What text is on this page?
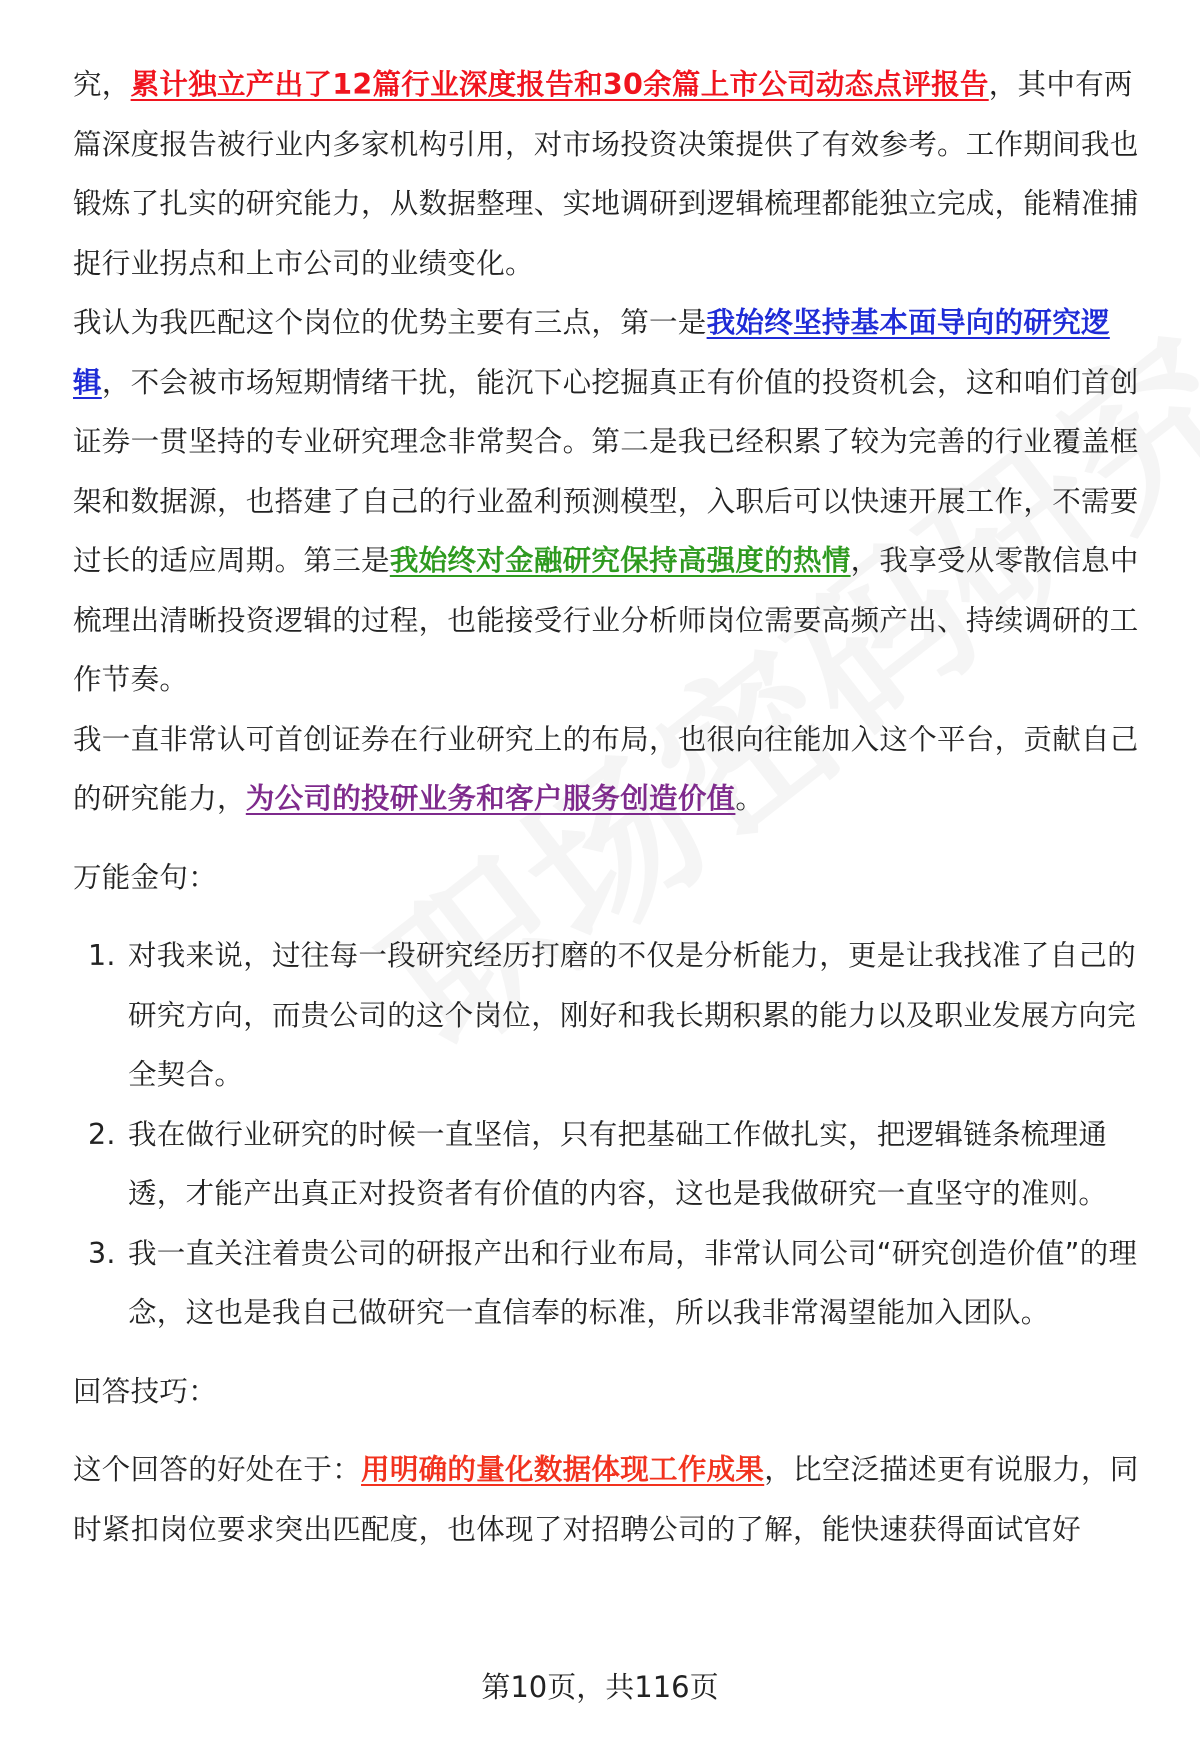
究，累计独立产出了12篇行业深度报告和30余篇上市公司动态点评报告，其中有两篇深度报告被行业内多家机构引用，对市场投资决策提供了有效参考。工作期间我也锻炼了扎实的研究能力，从数据整理、实地调研到逻辑梳理都能独立完成，能精准捕捉行业拐点和上市公司的业绩变化。

我认为我匹配这个岗位的优势主要有三点，第一是我始终坚持基本面导向的研究逻辑，不会被市场短期情绪干扰，能沉下心挖掘真正有价值的投资机会，这和咱们首创证券一贯坚持的专业研究理念非常契合。第二是我已经积累了较为完善的行业覆盖框架和数据源，也搭建了自己的行业盈利预测模型，入职后可以快速开展工作，不需要过长的适应周期。第三是我始终对金融研究保持高强度的热情，我享受从零散信息中梳理出清晰投资逻辑的过程，也能接受行业分析师岗位需要高频产出、持续调研的工作节奏。

我一直非常认可首创证券在行业研究上的布局，也很向往能加入这个平台，贡献自己的研究能力，为公司的投研业务和客户服务创造价值。

万能金句：

1. 对我来说，过往每一段研究经历打磨的不仅是分析能力，更是让我找准了自己的研究方向，而贵公司的这个岗位，刚好和我长期积累的能力以及职业发展方向完全契合。

2. 我在做行业研究的时候一直坚信，只有把基础工作做扎实，把逻辑链条梳理通透，才能产出真正对投资者有价值的内容，这也是我做研究一直坚守的准则。

3. 我一直关注着贵公司的研报产出和行业布局，非常认同公司“研究创造价值”的理念，这也是我自己做研究一直信奉的标准，所以我非常渴望能加入团队。

回答技巧：

这个回答的好处在于：用明确的量化数据体现工作成果，比空泛描述更有说服力，同时紧扣岗位要求突出匹配度，也体现了对招聘公司的了解，能快速获得面试官好

第10页，共116页
